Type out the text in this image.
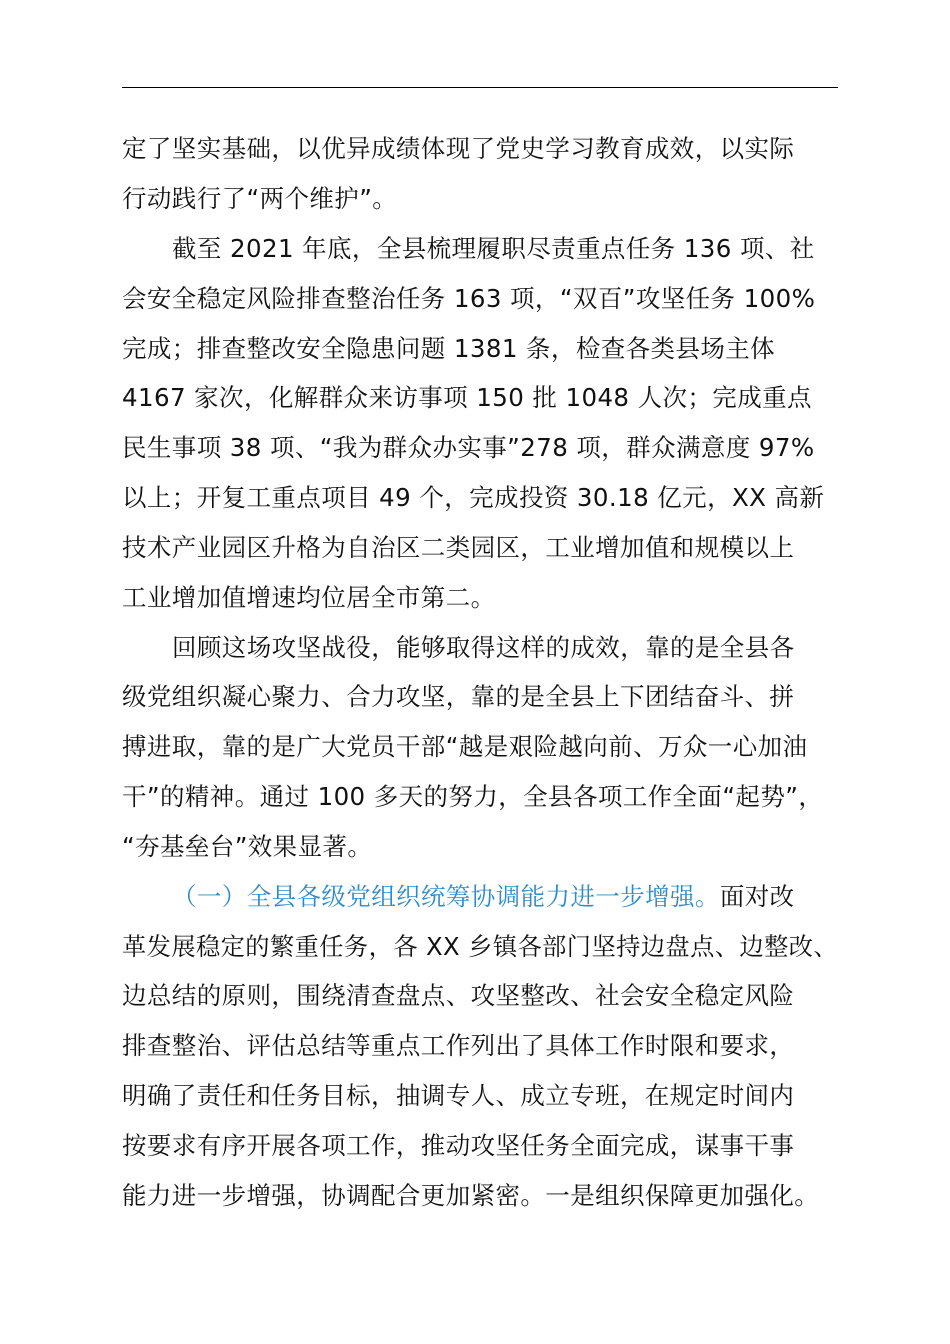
定了坚实基础，以优异成绩体现了党史学习教育成效，以实际
行动践行了“两个维护”。
截至 2021 年底，全县梳理履职尽责重点任务 136 项、社
会安全稳定风险排查整治任务 163 项，“双百”攻坚任务 100%
完成；排查整改安全隐患问题 1381 条，检查各类县场主体
4167 家次，化解群众来访事项 150 批 1048 人次；完成重点
民生事项 38 项、“我为群众办实事”278 项，群众满意度 97%
以上；开复工重点项目 49 个，完成投资 30.18 亿元，XX 高新
技术产业园区升格为自治区二类园区，工业增加值和规模以上
工业增加值增速均位居全市第二。
回顾这场攻坚战役，能够取得这样的成效，靠的是全县各
级党组织凝心聚力、合力攻坚，靠的是全县上下团结奋斗、拼
搏进取，靠的是广大党员干部“越是艰险越向前、万众一心加油
干”的精神。通过 100 多天的努力，全县各项工作全面“起势”，
“夯基垒台”效果显著。
（一）全县各级党组织统筹协调能力进一步增强。面对改
革发展稳定的繁重任务，各 XX 乡镇各部门坚持边盘点、边整改、
边总结的原则，围绕清查盘点、攻坚整改、社会安全稳定风险
排查整治、评估总结等重点工作列出了具体工作时限和要求，
明确了责任和任务目标，抽调专人、成立专班，在规定时间内
按要求有序开展各项工作，推动攻坚任务全面完成，谋事干事
能力进一步增强，协调配合更加紧密。一是组织保障更加强化。
